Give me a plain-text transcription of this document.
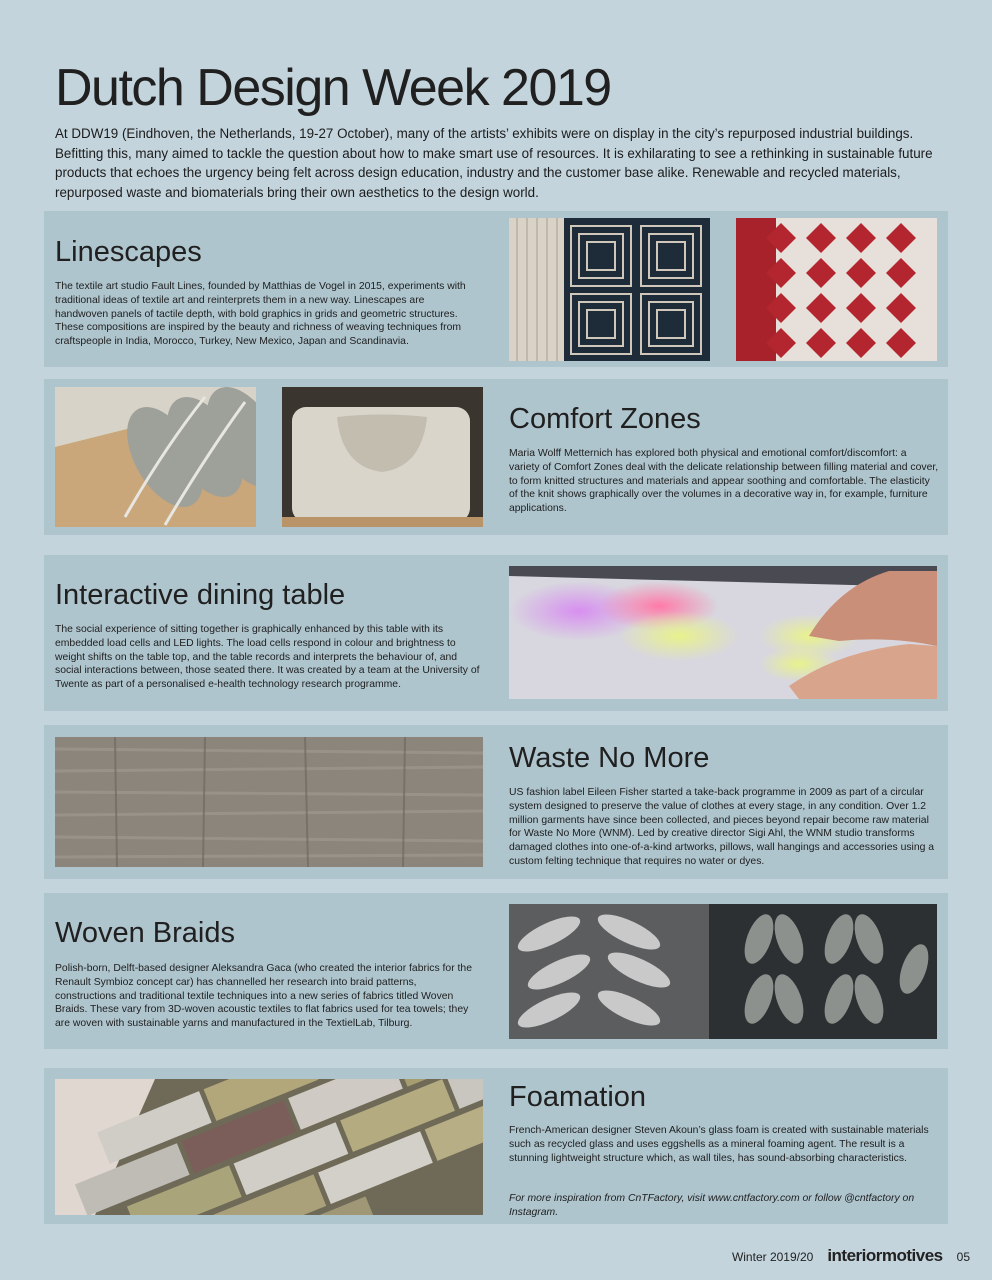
Dutch Design Week 2019

At DDW19 (Eindhoven, the Netherlands, 19-27 October), many of the artists’ exhibits were on display in the city’s repurposed industrial buildings. Befitting this, many aimed to tackle the question about how to make smart use of resources. It is exhilarating to see a rethinking in sustainable future products that echoes the urgency being felt across design education, industry and the customer base alike. Renewable and recycled materials, repurposed waste and biomaterials bring their own aesthetics to the design world.

Linescapes

The textile art studio Fault Lines, founded by Matthias de Vogel in 2015, experiments with traditional ideas of textile art and reinterprets them in a new way. Linescapes are handwoven panels of tactile depth, with bold graphics in grids and geometric structures. These compositions are inspired by the beauty and richness of weaving techniques from craftspeople in India, Morocco, Turkey, New Mexico, Japan and Scandinavia.

Comfort Zones

Maria Wolff Metternich has explored both physical and emotional comfort/discomfort: a variety of Comfort Zones deal with the delicate relationship between filling material and cover, to form knitted structures and materials and appear soothing and comfortable. The elasticity of the knit shows graphically over the volumes in a decorative way in, for example, furniture applications.

Interactive dining table

The social experience of sitting together is graphically enhanced by this table with its embedded load cells and LED lights. The load cells respond in colour and brightness to weight shifts on the table top, and the table records and interprets the behaviour of, and social interactions between, those seated there. It was created by a team at the University of Twente as part of a personalised e-health technology research programme.

Waste No More

US fashion label Eileen Fisher started a take-back programme in 2009 as part of a circular system designed to preserve the value of clothes at every stage, in any condition. Over 1.2 million garments have since been collected, and pieces beyond repair become raw material for Waste No More (WNM). Led by creative director Sigi Ahl, the WNM studio transforms damaged clothes into one-of-a-kind artworks, pillows, wall hangings and accessories using a custom felting technique that requires no water or dyes.

Woven Braids

Polish-born, Delft-based designer Aleksandra Gaca (who created the interior fabrics for the Renault Symbioz concept car) has channelled her research into braid patterns, constructions and traditional textile techniques into a new series of fabrics titled Woven Braids. These vary from 3D-woven acoustic textiles to flat fabrics used for tea towels; they are woven with sustainable yarns and manufactured in the TextielLab, Tilburg.

Foamation

French-American designer Steven Akoun’s glass foam is created with sustainable materials such as recycled glass and uses eggshells as a mineral foaming agent. The result is a stunning lightweight structure which, as wall tiles, has sound-absorbing characteristics.

For more inspiration from CnTFactory, visit www.cntfactory.com or follow @cntfactory on Instagram.

Winter 2019/20 interiormotives 05
